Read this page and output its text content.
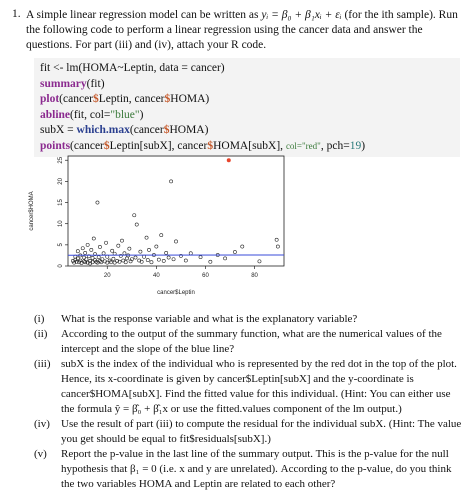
1. A simple linear regression model can be written as yᵢ = β₀ + β₁xᵢ + εᵢ (for the ith sample). Run the following code to perform a linear regression using the cancer data and answer the questions. For part (iii) and (iv), attach your R code.
fit <- lm(HOMA~Leptin, data = cancer)
summary(fit)
plot(cancer$Leptin, cancer$HOMA)
abline(fit, col="blue")
subX = which.max(cancer$HOMA)
points(cancer$Leptin[subX], cancer$HOMA[subX], col="red", pch=19)
20	40	60	80
0
5
10
15
20
25
cancer$Leptin
cancer$HOMA
(i)	What is the response variable and what is the explanatory variable?
(ii)	According to the output of the summary function, what are the numerical values of the intercept and the slope of the blue line?
(iii) subX is the index of the individual who is represented by the red dot in the top of the plot. Hence, its x-coordinate is given by cancer$Leptin[subX] and the y-coordinate is cancer$HOMA[subX]. Find the fitted value for this individual. (Hint: You can either use the formula ŷ = β̂₀ + β̂₁x or use the fitted.values component of the lm output.)
(iv)	Use the result of part (iii) to compute the residual for the individual subX. (Hint: The value you get should be equal to fit$residuals[subX].)
(v)	Report the p-value in the last line of the summary output. This is the p-value for the null hypothesis that β₁ = 0 (i.e. x and y are unrelated). According to the p-value, do you think the two variables HOMA and Leptin are related to each other?
